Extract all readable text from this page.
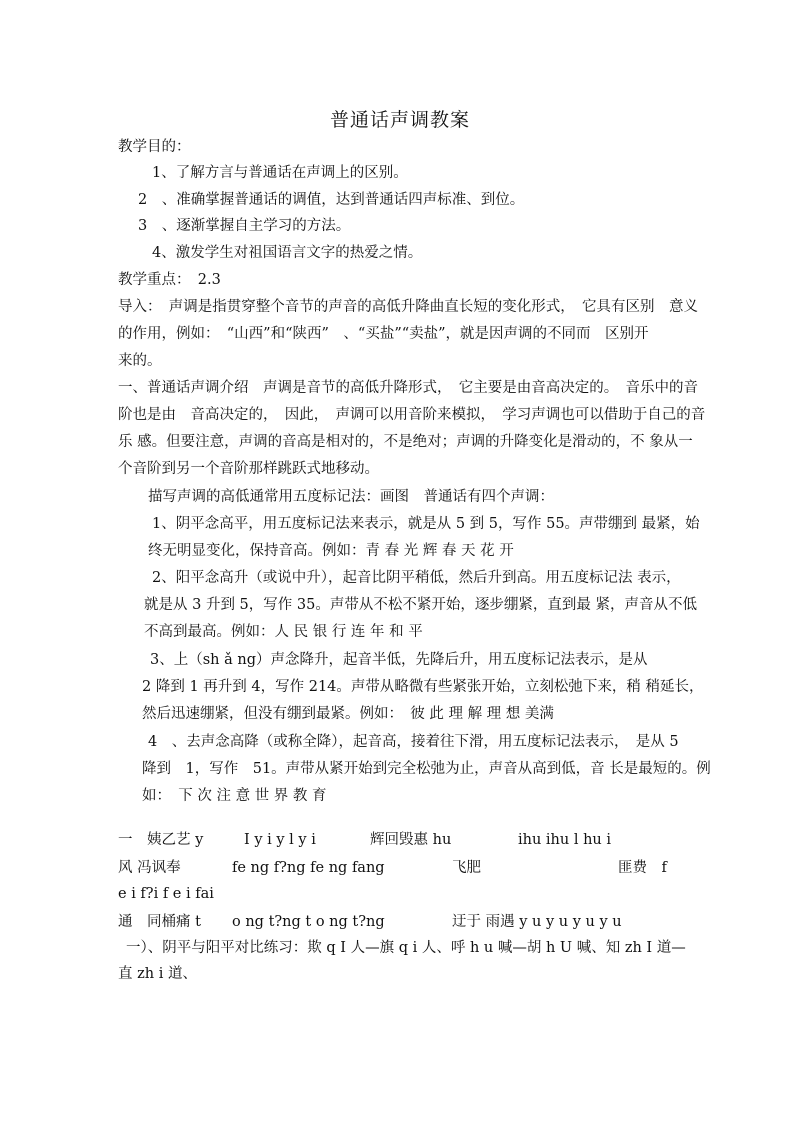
普通话声调教案
教学目的：
1、了解方言与普通话在声调上的区别。
2　、准确掌握普通话的调值，达到普通话四声标准、到位。
3　、逐渐掌握自主学习的方法。
4、激发学生对祖国语言文字的热爱之情。
教学重点：　2.3
导入：　声调是指贯穿整个音节的声音的高低升降曲直长短的变化形式，　它具有区别　意义
的作用，例如：　“山西”和“陕西”　、“买盐”“卖盐”，就是因声调的不同而　区别开
来的。
一、普通话声调介绍　声调是音节的高低升降形式，　它主要是由音高决定的。　音乐中的音
阶也是由　音高决定的，　因此，　声调可以用音阶来模拟，　学习声调也可以借助于自己的音
乐 感。但要注意，声调的音高是相对的，不是绝对；声调的升降变化是滑动的，不 象从一
个音阶到另一个音阶那样跳跃式地移动。
描写声调的高低通常用五度标记法：画图　普通话有四个声调：
1、阴平念高平，用五度标记法来表示，就是从 5 到 5，写作 55。声带绷到 最紧，始
终无明显变化，保持音高。例如：青 春 光 辉 春 天 花 开
2、阳平念高升（或说中升），起音比阴平稍低，然后升到高。用五度标记法 表示，
就是从 3 升到 5，写作 35。声带从不松不紧开始，逐步绷紧，直到最 紧，声音从不低
不高到最高。例如：人 民 银 行 连 年 和 平
3、上（sh ǎ ng）声念降升，起音半低，先降后升，用五度标记法表示，是从
2 降到 1 再升到 4，写作 214。声带从略微有些紧张开始，立刻松弛下来，稍 稍延长，
然后迅速绷紧，但没有绷到最紧。例如：　彼 此 理 解 理 想 美满
4　、去声念高降（或称全降），起音高，接着往下滑，用五度标记法表示，　是从 5
降到　1，写作　51。声带从紧开始到完全松弛为止，声音从高到低，音 长是最短的。例
如：　下 次 注 意 世 界 教 育
一　姨乙艺 y	I y i y l y i	辉回毁惠 hu	ihu ihu l hu i
风 冯讽奉	fe ng f?ng fe ng fang	飞肥	匪费　f
e i f?i f e i fai
通　同桶痛 t o ng t?ng t o ng t?ng	迂于 雨遇 y u y u y u y u
一）、阴平与阳平对比练习：欺 q I 人—旗 q i 人、呼 h u 喊—胡 h U 喊、知 zh I 道—
直 zh i 道、
